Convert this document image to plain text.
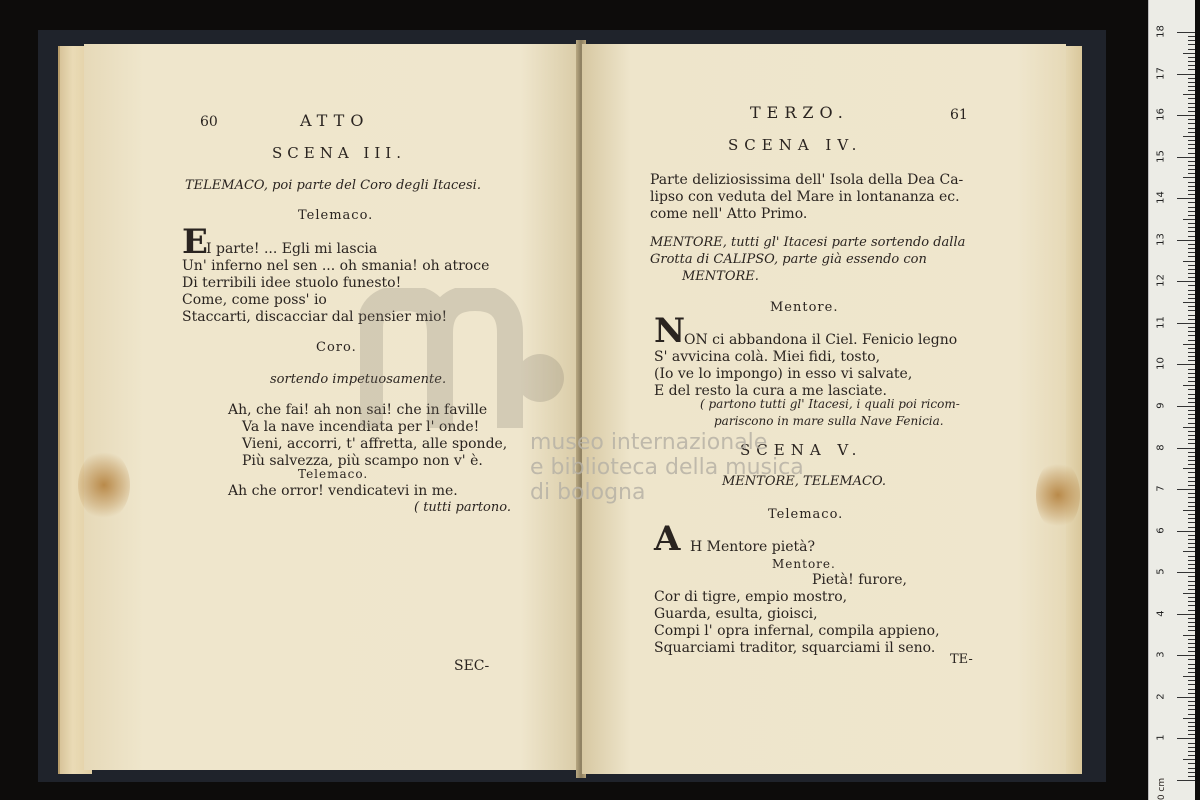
60	ATTO
SCENA III.
TELEMACO, poi parte del Coro degli Itacesi.
Telemaco.
E
I parte! ... Egli mi lascia
Un' inferno nel sen ... oh smania! oh atroce
Di terribili idee stuolo funesto!
Come, come poss' io
Staccarti, discacciar dal pensier mio!
Coro.
sortendo impetuosamente.
Ah, che fai! ah non sai! che in faville
Va la nave incendiata per l' onde!
Vieni, accorri, t' affretta, alle sponde,
Più salvezza, più scampo non v' è.
Telemaco.
Ah che orror! vendicatevi in me.
( tutti partono.
SEC-
TERZO.	61
SCENA IV.
Parte deliziosissima dell' Isola della Dea Ca-
lipso con veduta del Mare in lontananza ec.
come nell' Atto Primo.
MENTORE, tutti gl' Itacesi parte sortendo dalla
Grotta di CALIPSO, parte già essendo con
MENTORE.
Mentore.
N
ON ci abbandona il Ciel. Fenicio legno
S' avvicina colà. Miei fidi, tosto,
(Io ve lo impongo) in esso vi salvate,
E del resto la cura a me lasciate.
( partono tutti gl' Itacesi, i quali poi ricom-
pariscono in mare sulla Nave Fenicia.
SCENA V.
MENTORE, TELEMACO.
Telemaco.
A H Mentore pietà?
Mentore.
Pietà! furore,
Cor di tigre, empio mostro,
Guarda, esulta, gioisci,
Compi l' opra infernal, compila appieno,
Squarciami traditor, squarciami il seno.
TE-
museo internazionale
e biblioteca della musica
di bologna
0 cm
18
17
16
15
14
13
12
11
10
9
8
7
6
5
4
3
2
1
